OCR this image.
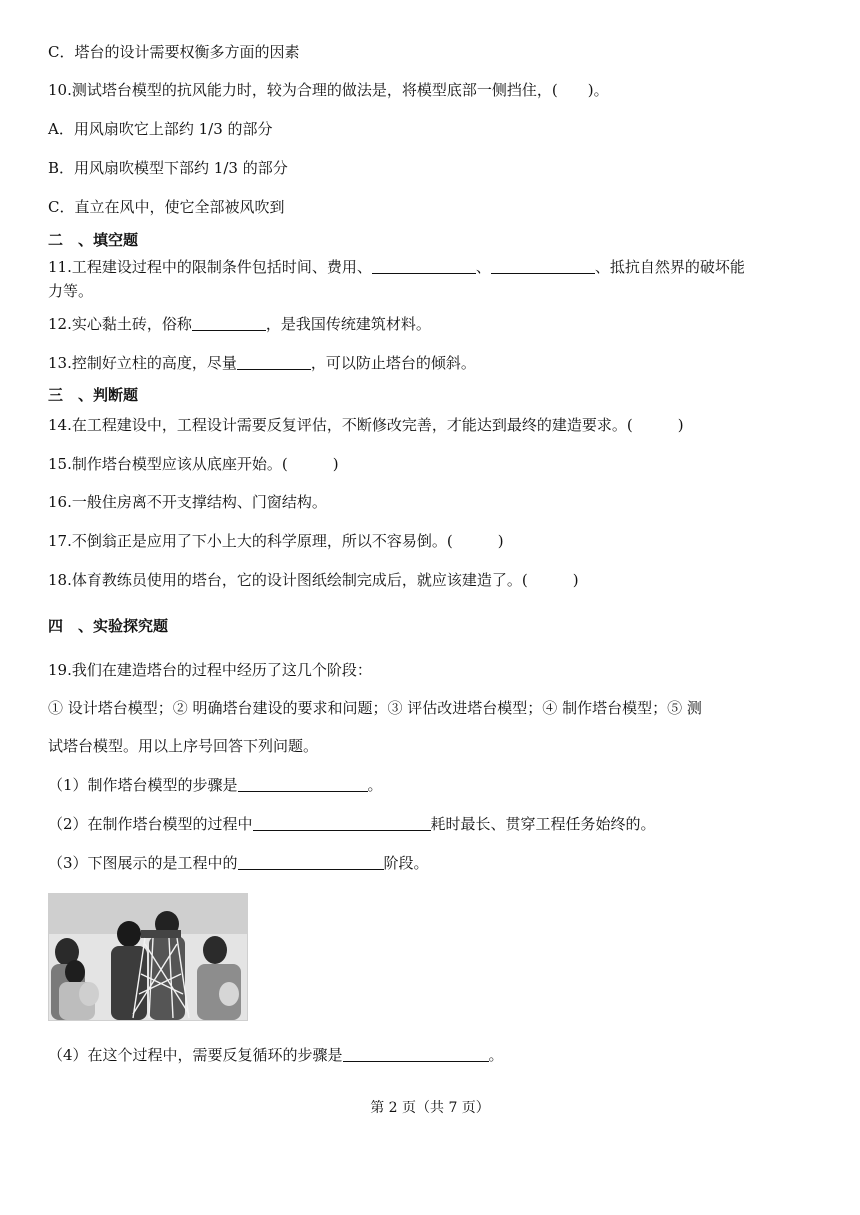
C．塔台的设计需要权衡多方面的因素
10.测试塔台模型的抗风能力时，较为合理的做法是，将模型底部一侧挡住，(　　)。
A．用风扇吹它上部约 1/3 的部分
B．用风扇吹模型下部约 1/3 的部分
C．直立在风中，使它全部被风吹到
二　、填空题
11.工程建设过程中的限制条件包括时间、费用、	、	、抵抗自然界的破坏能
力等。
12.实心黏土砖，俗称	，是我国传统建筑材料。
13.控制好立柱的高度，尽量	，可以防止塔台的倾斜。
三　、判断题
14.在工程建设中，工程设计需要反复评估，不断修改完善，才能达到最终的建造要求。(　　　)
15.制作塔台模型应该从底座开始。(　　　)
16.一般住房离不开支撑结构、门窗结构。
17.不倒翁正是应用了下小上大的科学原理，所以不容易倒。(　　　)
18.体育教练员使用的塔台，它的设计图纸绘制完成后，就应该建造了。(　　　)
四　、实验探究题
19.我们在建造塔台的过程中经历了这几个阶段：
① 设计塔台模型；② 明确塔台建设的要求和问题；③ 评估改进塔台模型；④ 制作塔台模型；⑤ 测
试塔台模型。用以上序号回答下列问题。
（1）制作塔台模型的步骤是	。
（2）在制作塔台模型的过程中	耗时最长、贯穿工程任务始终的。
（3）下图展示的是工程中的	阶段。
（4）在这个过程中，需要反复循环的步骤是	。
第 2 页（共 7 页）
